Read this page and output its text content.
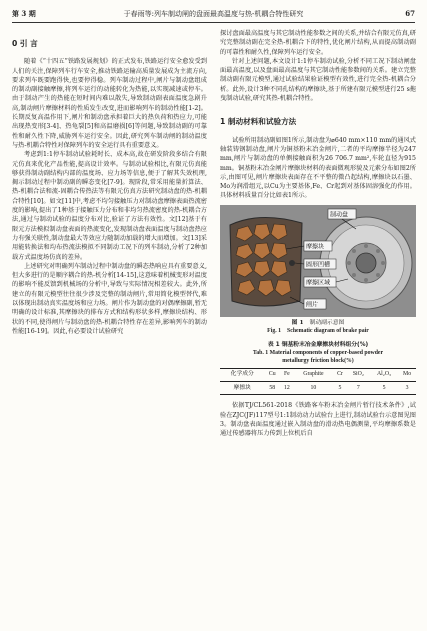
第 3 期	于春雨等:列车制动闸的盘面最高温度与热-机耦合特性研究	67
0 引 言

随着《“十四五”铁路发展规划》的正式发布,铁路运行安全愈发受到人们的关注,保障列车行车安全,推动铁路运输高质量发展成为主流方向,要求列车既要跑得快,也要停得稳。列车制动过程中,闸片与制动盘组成的制动副接触摩擦,将列车运行的动能转化为热能,以实现减速或停车。由于制动产生的热能在短时间内难以散失,导致制动副表面温度急剧升高,制动闸片摩擦材料的性质发生改变,进而影响列车的制动性能[1-2]。长期反复高温作用下,闸片和制动盘承担着巨大的热负荷和热应力,可能出现热变形[3-4]、热龟裂[5]和高温磨损[6]等问题,导致制动副的可靠性和耐久性下降,威胁列车运行安全。因此,研究列车制动闸的制动温度与热-机耦合特性对保障列车的安全运行具有重要意义。

考虑到1:1停车制动试验耗时长、成本高,故在研发阶段多结合有限元仿真来优化产品性能,提高设计效率。与制动试验相比,有限元仿真能够获得制动副结构内部的温度场、应力场等信息,便于了解其失效机理,揭示制动过程中制动副的瞬态变化[7-9]。现阶段,常采用能量折算法、热-机耦合法和流-固耦合传热法等有限元仿真方法研究制动盘的热-机耦合特性[10]。如文[11]中,考虑不均匀接触压力对制动盘摩擦表面热流密度的影响,提出了1种基于接触压力分布和非均匀热流密度的热-机耦合方法,通过与制动试验的温度分布对比,验证了方法有效性。文[12]基于有限元方法模拟制动盘表面的热流变化,发现制动盘表面温度与制动盘热应力有强关联性,制动盘最大等效应力随制动加载的增大而增加。文[13]采用能转换法和均布热流法模拟不同制动工况下的列车制动,分析了2种加载方式温度场仿真的差异。

上述研究对明确列车制动过程中制动盘的瞬态热响应具有重要意义,但大多进行的是顺序耦合的热-机分析[14-15],这意味着机械变形对温度的影响不能反馈到机械场的分析中,导致与实际情况相差较大。此外,所建立的有限元模型往往很少涉及完整的制动闸片,常用简化模型替代,难以体现出制动真实温度场和应力场。闸片作为制动盘的对偶摩擦副,暂无明确的设计标准,其摩擦块的排布方式和结构形状多样,摩擦块结构、形状的不同,使得闸片与制动盘的热-机耦合特性存在差异,影响列车的制动性能[16-19]。因此,有必要设计试验研究

探讨盘面最高温度与其它制动性能参数之间的关系,并结合有限元仿真,研究完整制动副在完全热-机耦合下的特性,优化闸片结构,从而提高制动副的可靠性和耐久性,保障列车运行安全。

针对上述问题,本文设计1:1停车制动试验,分析不同工况下制动闸盘面最高温度,以及盘面最高温度与其它制动性能参数间的关系。建立完整制动副有限元模型,通过试验结果验证模型有效性,进行完全热-机耦合分析。此外,设计3种不同孔结构的摩擦块,基于所建有限元模型进行25 s拖曳制动试验,研究其热-机耦合特性。

1 制动材料和试验方法

试验所用制动副如图1所示,制动盘为⌀640 mm×110 mm的通风式轴装铸钢制动盘,闸片为铜基粉末冶金闸片,二者的平均摩擦半径为247 mm,闸片与制动盘的单侧接触面积为26 706.7 mm²,车轮直径为915 mm。铜基粉末冶金闸片摩擦块材料的表面微观形貌及元素分布如图2所示,由图可见,闸片摩擦块表面存在不平整的微凸起结构,摩擦块以石墨、Mo为润滑组元,以Cu为主要基体,Fe、Cr起到对基体固溶强化的作用。具体材料质量百分比如表1所示。

制动盘
摩擦块
圆形凹槽
摩擦区域
闸片
图 1 制动副示意图
Fig. 1 Schematic diagram of brake pair
表 1 铜基粉末冶金摩擦块材料组分(%)
Tab. 1 Material components of copper-based powder
metallurgy friction block(%)
化学成分	Cu	Fe	Graphite	Cr	SiO₂	Al₂O₃	Mo
摩擦块	58	12	10	5	7	5	3

依据TJ/CL561-2018《铁路客车粉末冶金闸片暂行技术条件》,试验在ZJC(JF)117型号1:1制动动力试验台上进行,制动试验台示意图见图3。制动盘表面温度通过嵌入制动盘的滑动热电偶测量,平均摩擦系数是通过传感器将压力传到上位机后自
